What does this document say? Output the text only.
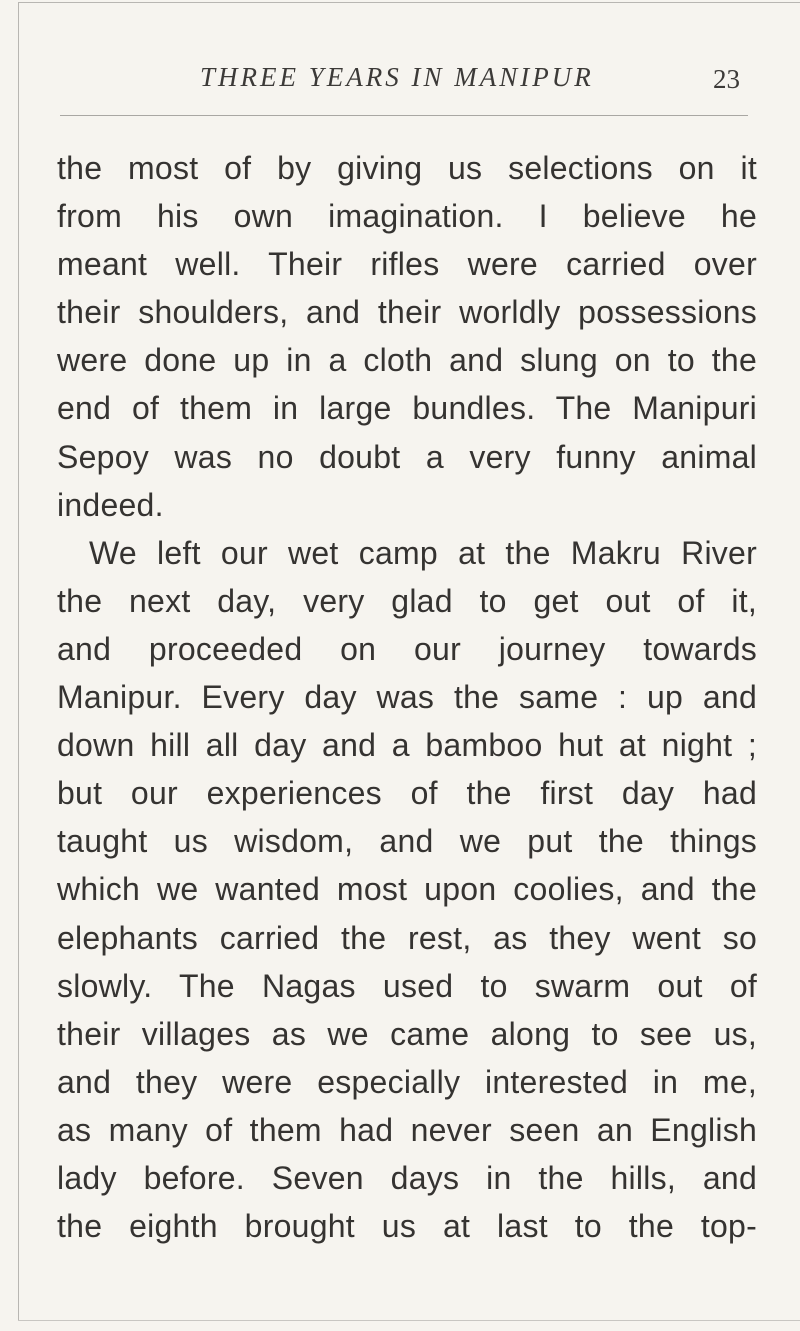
THREE YEARS IN MANIPUR	23
the most of by giving us selections on it
from his own imagination. I believe he
meant well. Their rifles were carried over
their shoulders, and their worldly possessions
were done up in a cloth and slung on to the
end of them in large bundles. The Manipuri
Sepoy was no doubt a very funny animal
indeed.
We left our wet camp at the Makru River
the next day, very glad to get out of it,
and proceeded on our journey towards
Manipur. Every day was the same : up and
down hill all day and a bamboo hut at night ;
but our experiences of the first day had
taught us wisdom, and we put the things
which we wanted most upon coolies, and the
elephants carried the rest, as they went so
slowly. The Nagas used to swarm out of
their villages as we came along to see us,
and they were especially interested in me,
as many of them had never seen an English
lady before. Seven days in the hills, and
the eighth brought us at last to the top-
